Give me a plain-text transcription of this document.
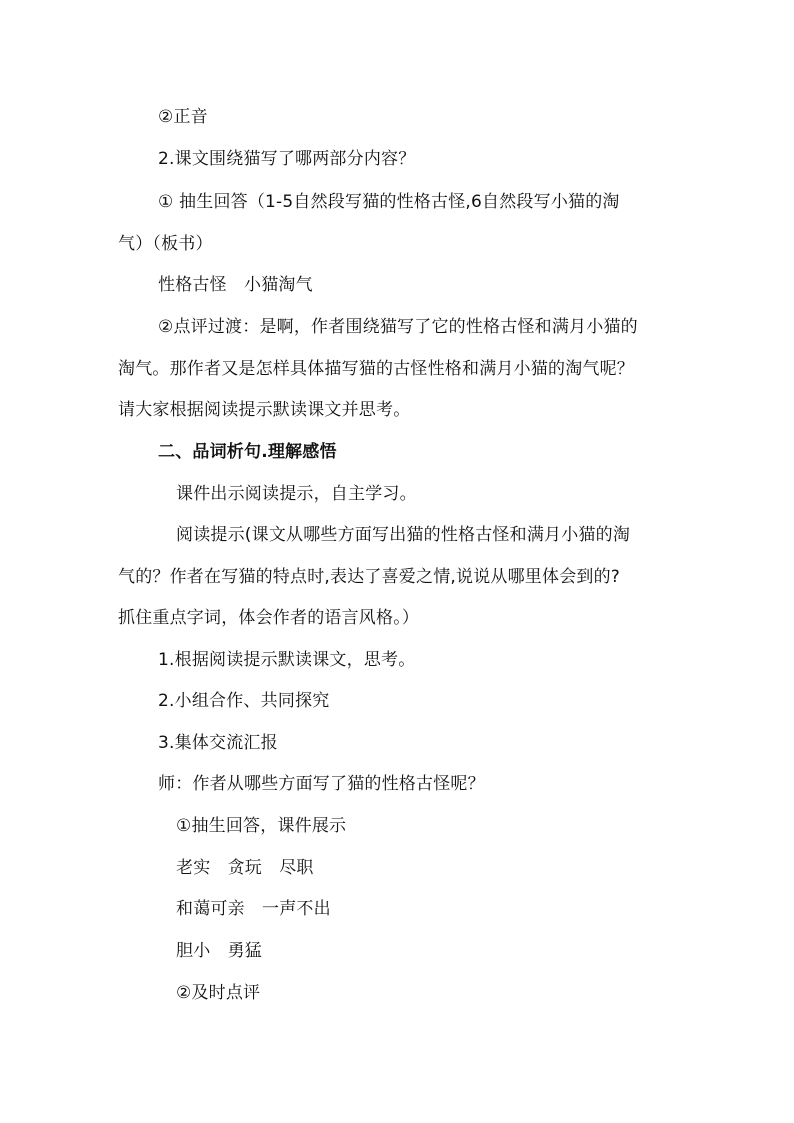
②正音
2.课文围绕猫写了哪两部分内容？
① 抽生回答（1-5自然段写猫的性格古怪,6自然段写小猫的淘
气）（板书）
性格古怪　小猫淘气
②点评过渡：是啊，作者围绕猫写了它的性格古怪和满月小猫的
淘气。那作者又是怎样具体描写猫的古怪性格和满月小猫的淘气呢？
请大家根据阅读提示默读课文并思考。
二、品词析句.理解感悟
课件出示阅读提示，自主学习。
阅读提示(课文从哪些方面写出猫的性格古怪和满月小猫的淘
气的？作者在写猫的特点时,表达了喜爱之情,说说从哪里体会到的?
抓住重点字词，体会作者的语言风格。）
1.根据阅读提示默读课文，思考。
2.小组合作、共同探究
3.集体交流汇报
师：作者从哪些方面写了猫的性格古怪呢？
①抽生回答，课件展示
老实　贪玩　尽职
和蔼可亲　一声不出
胆小　勇猛
②及时点评
